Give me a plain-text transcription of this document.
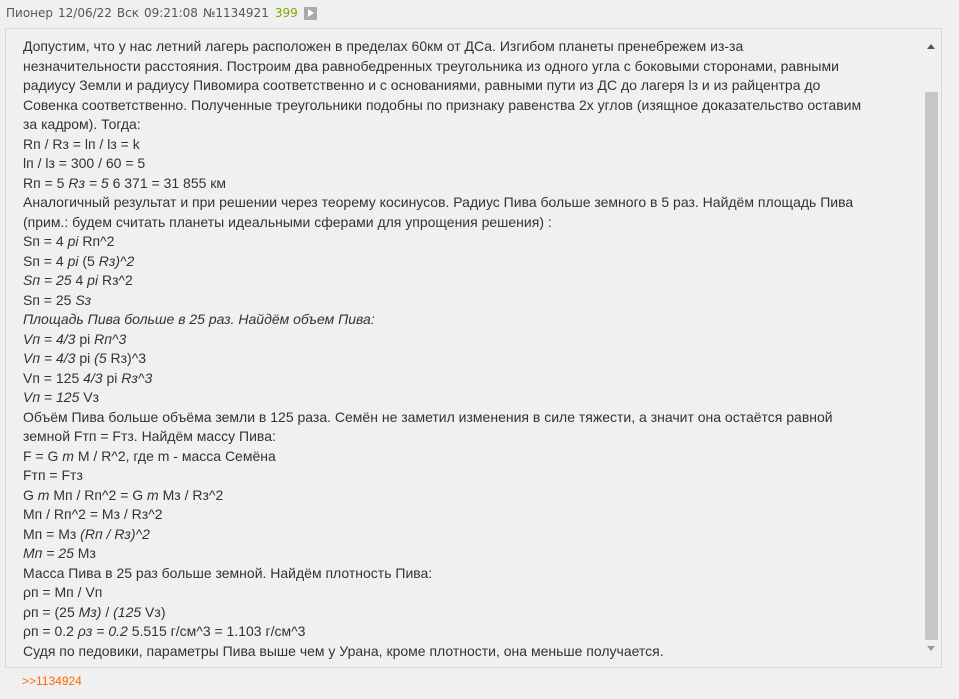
Пионер 12/06/22 Вск 09:21:08 №1134921 399
Допустим, что у нас летний лагерь расположен в пределах 60км от ДСа. Изгибом планеты пренебрежем из-за
незначительности расстояния. Построим два равнобедренных треугольника из одного угла с боковыми сторонами, равными
радиусу Земли и радиусу Пивомира соответственно и с основаниями, равными пути из ДС до лагеря lз и из райцентра до
Совенка соответственно. Полученные треугольники подобны по признаку равенства 2х углов (изящное доказательство оставим
за кадром). Тогда:
Rп / Rз = lп / lз = k
lп / lз = 300 / 60 = 5
Rп = 5 Rз = 5 6 371 = 31 855 км
Аналогичный результат и при решении через теорему косинусов. Радиус Пива больше земного в 5 раз. Найдём площадь Пива
(прим.: будем считать планеты идеальными сферами для упрощения решения) :
Sп = 4 pi Rп^2
Sп = 4 pi (5 Rз)^2
Sп = 25 4 pi Rз^2
Sп = 25 Sз
Площадь Пива больше в 25 раз. Найдём объем Пива:
Vп = 4/3 pi Rп^3
Vп = 4/3 pi (5 Rз)^3
Vп = 125 4/3 pi Rз^3
Vп = 125 Vз
Объём Пива больше объёма земли в 125 раза. Семён не заметил изменения в силе тяжести, а значит она остаётся равной
земной Fтп = Fтз. Найдём массу Пива:
F = G m M / R^2, где m - масса Семёна
Fтп = Fтз
G m Mп / Rп^2 = G m Mз / Rз^2
Mп / Rп^2 = Mз / Rз^2
Mп = Mз (Rп / Rз)^2
Mп = 25 Mз
Масса Пива в 25 раз больше земной. Найдём плотность Пива:
ρп = Mп / Vп
ρп = (25 Mз) / (125 Vз)
ρп = 0.2 ρз = 0.2 5.515 г/см^3 = 1.103 г/см^3
Судя по педовики, параметры Пива выше чем у Урана, кроме плотности, она меньше получается.
>>1134924
